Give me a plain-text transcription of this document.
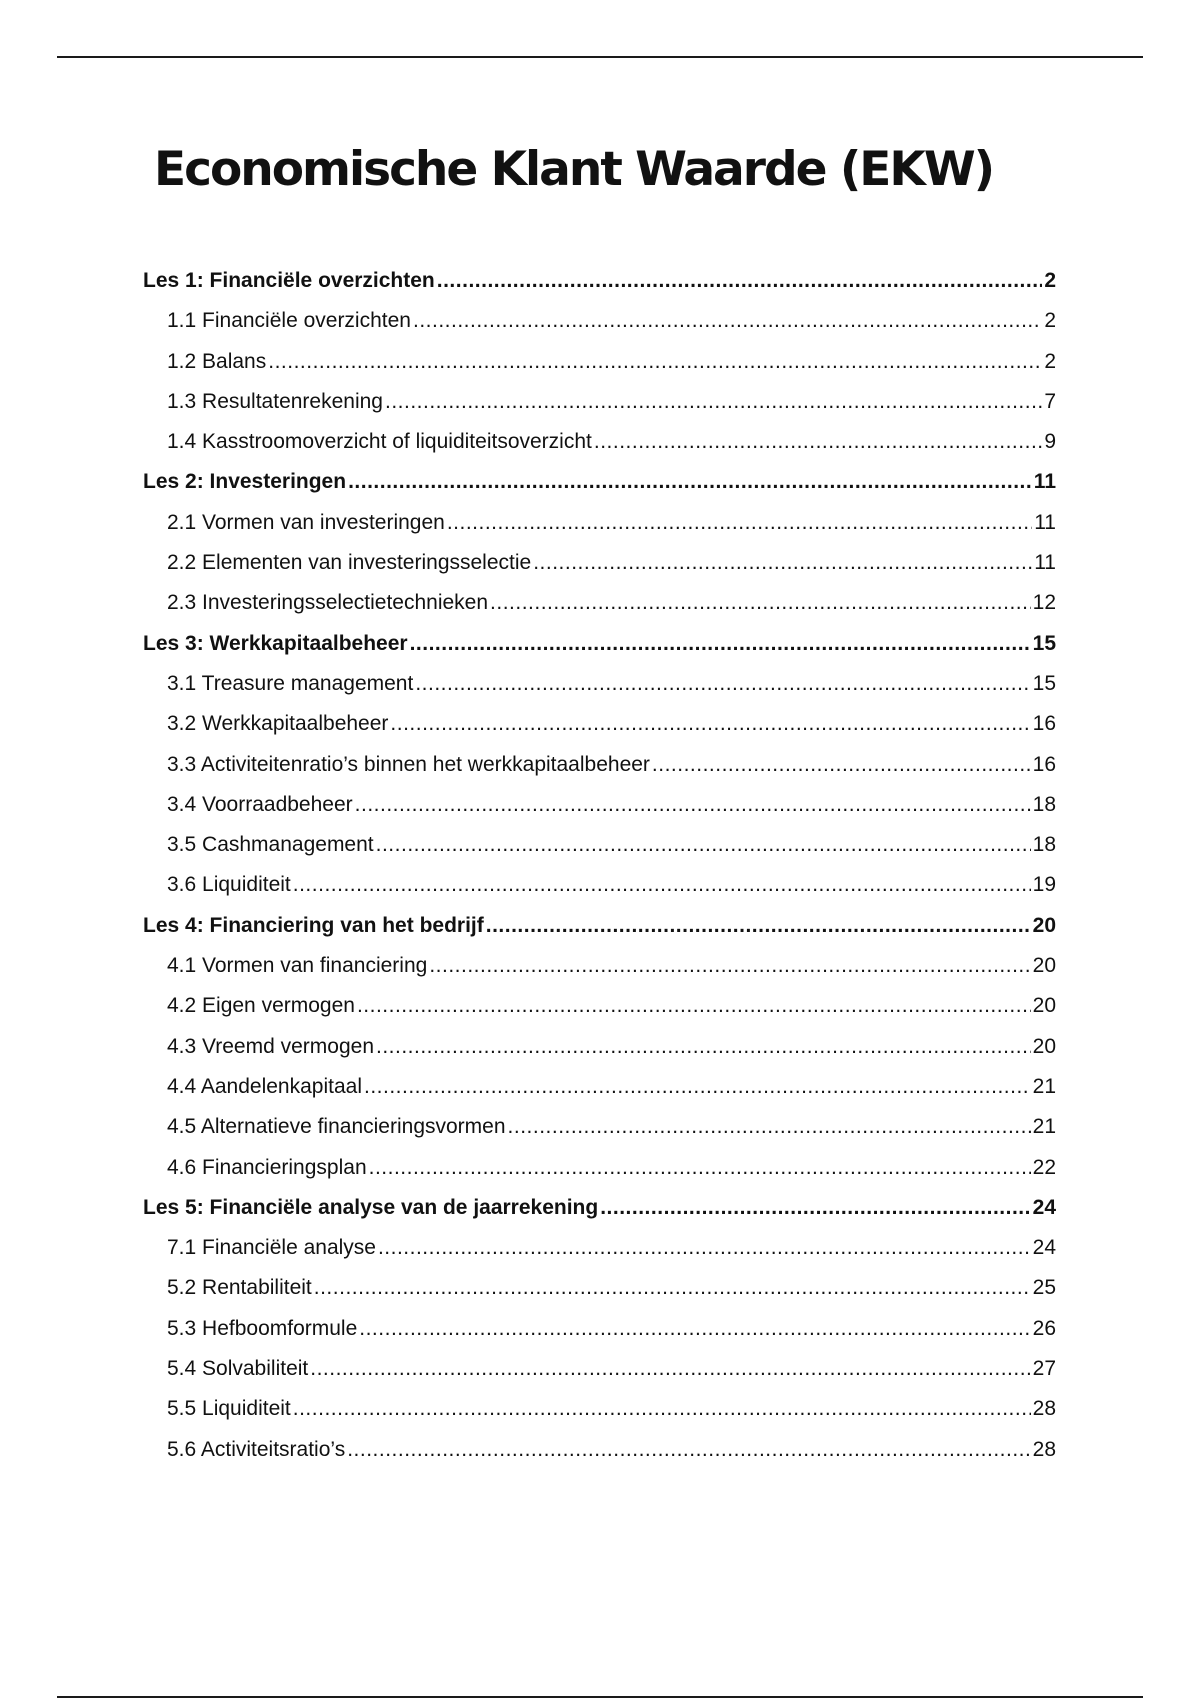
Economische Klant Waarde (EKW)
Les 1: Financiële overzichten .....	2
1.1 Financiële overzichten .....	2
1.2 Balans .....	2
1.3 Resultatenrekening .....	7
1.4 Kasstroomoverzicht of liquiditeitsoverzicht .....	9
Les 2: Investeringen .....	11
2.1 Vormen van investeringen .....	11
2.2 Elementen van investeringsselectie .....	11
2.3 Investeringsselectietechnieken .....	12
Les 3: Werkkapitaalbeheer .....	15
3.1 Treasure management .....	15
3.2 Werkkapitaalbeheer .....	16
3.3 Activiteitenratio’s binnen het werkkapitaalbeheer .....	16
3.4 Voorraadbeheer .....	18
3.5 Cashmanagement .....	18
3.6 Liquiditeit .....	19
Les 4: Financiering van het bedrijf .....	20
4.1 Vormen van financiering .....	20
4.2 Eigen vermogen .....	20
4.3 Vreemd vermogen .....	20
4.4 Aandelenkapitaal .....	21
4.5 Alternatieve financieringsvormen .....	21
4.6 Financieringsplan .....	22
Les 5: Financiële analyse van de jaarrekening .....	24
7.1 Financiële analyse .....	24
5.2 Rentabiliteit .....	25
5.3 Hefboomformule .....	26
5.4 Solvabiliteit .....	27
5.5 Liquiditeit .....	28
5.6 Activiteitsratio’s .....	28
